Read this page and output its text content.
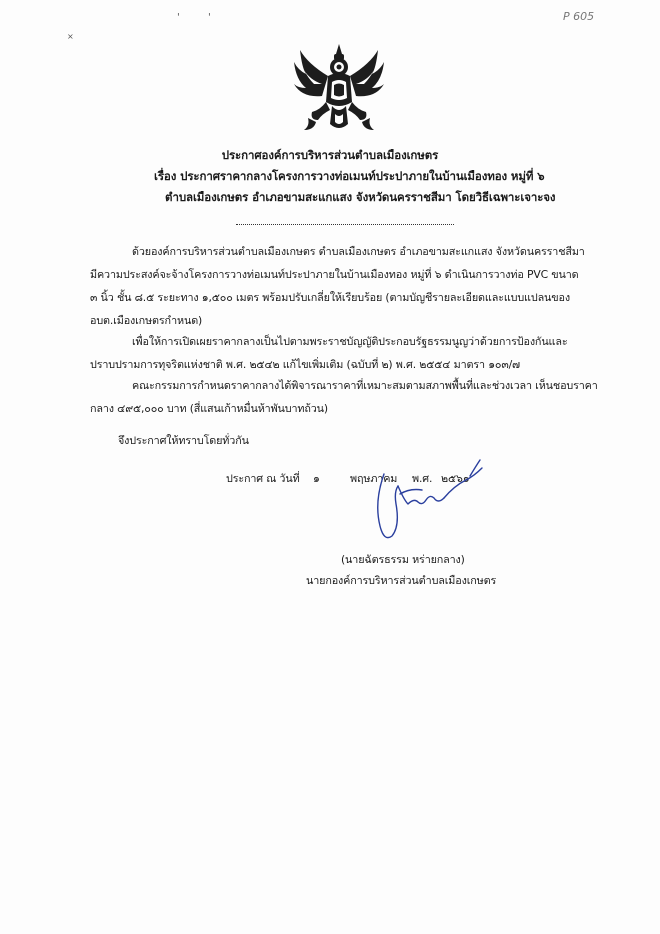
P 605
'	'
×
ประกาศองค์การบริหารส่วนตำบลเมืองเกษตร
เรื่อง ประกาศราคากลางโครงการวางท่อเมนท์ประปาภายในบ้านเมืองทอง หมู่ที่ ๖
ตำบลเมืองเกษตร อำเภอขามสะแกแสง จังหวัดนครราชสีมา โดยวิธีเฉพาะเจาะจง
ด้วยองค์การบริหารส่วนตำบลเมืองเกษตร ตำบลเมืองเกษตร อำเภอขามสะแกแสง จังหวัดนครราชสีมา
มีความประสงค์จะจ้างโครงการวางท่อเมนท์ประปาภายในบ้านเมืองทอง หมู่ที่ ๖ ดำเนินการวางท่อ PVC ขนาด
๓ นิ้ว ชั้น ๘.๕ ระยะทาง ๑,๕๐๐ เมตร พร้อมปรับเกลี่ยให้เรียบร้อย (ตามบัญชีรายละเอียดและแบบแปลนของ
อบต.เมืองเกษตรกำหนด)
เพื่อให้การเปิดเผยราคากลางเป็นไปตามพระราชบัญญัติประกอบรัฐธรรมนูญว่าด้วยการป้องกันและ
ปราบปรามการทุจริตแห่งชาติ พ.ศ. ๒๕๔๒ แก้ไขเพิ่มเติม (ฉบับที่ ๒) พ.ศ. ๒๕๕๔ มาตรา ๑๐๓/๗
คณะกรรมการกำหนดราคากลางได้พิจารณาราคาที่เหมาะสมตามสภาพพื้นที่และช่วงเวลา เห็นชอบราคา
กลาง ๔๙๕,๐๐๐ บาท (สี่แสนเก้าหมื่นห้าพันบาทถ้วน)
จึงประกาศให้ทราบโดยทั่วกัน
ประกาศ ณ วันที่ ๑	พฤษภาคม พ.ศ. ๒๕๖๑
(นายฉัตรธรรม หร่ายกลาง)
นายกองค์การบริหารส่วนตำบลเมืองเกษตร
